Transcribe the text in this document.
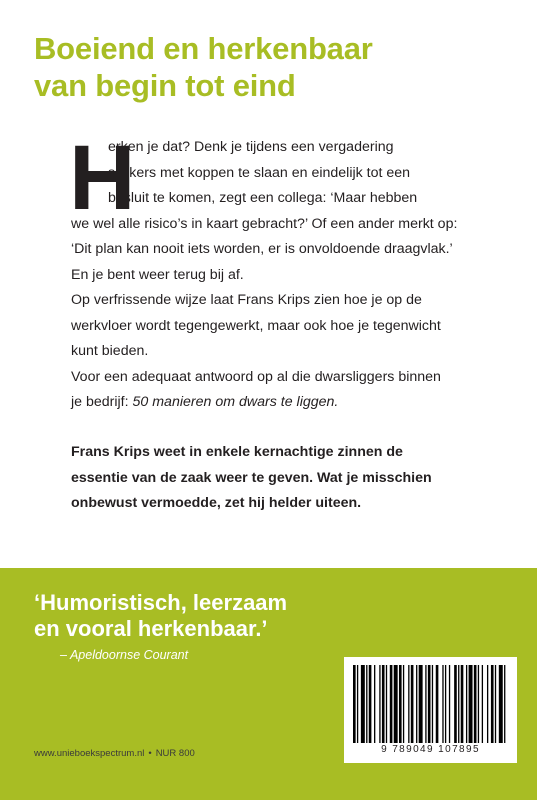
Boeiend en herkenbaar
van begin tot eind
H

erken je dat? Denk je tijdens een vergadering
spijkers met koppen te slaan en eindelijk tot een
besluit te komen, zegt een collega: ‘Maar hebben
we wel alle risico’s in kaart gebracht?’ Of een ander merkt op:
‘Dit plan kan nooit iets worden, er is onvoldoende draagvlak.’
En je bent weer terug bij af.

Op verfrissende wijze laat Frans Krips zien hoe je op de
werkvloer wordt tegengewerkt, maar ook hoe je tegenwicht
kunt bieden.

Voor een adequaat antwoord op al die dwarsliggers binnen
je bedrijf: 50 manieren om dwars te liggen.

Frans Krips weet in enkele kernachtige zinnen de
essentie van de zaak weer te geven. Wat je misschien
onbewust vermoedde, zet hij helder uiteen.
‘Humoristisch, leerzaam
en vooral herkenbaar.’
– Apeldoornse Courant
9 789049 107895
www.unieboekspectrum.nl • NUR 800
